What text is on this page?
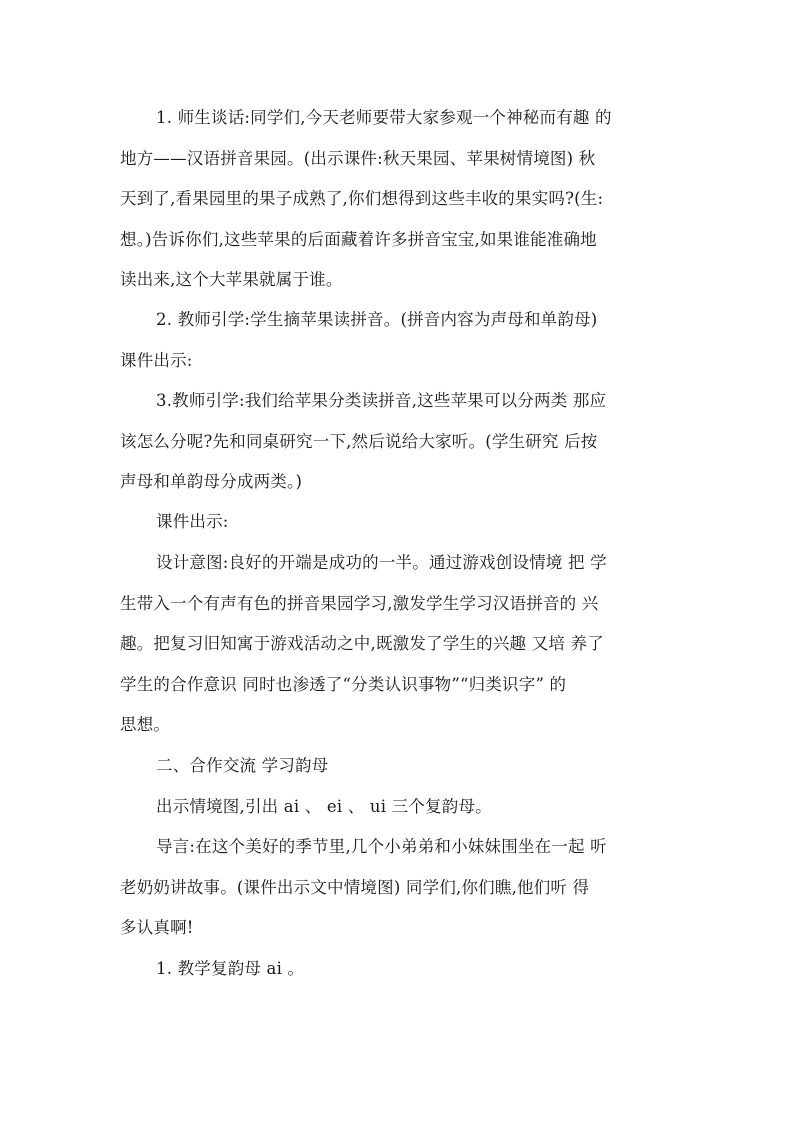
1. 师生谈话:同学们,今天老师要带大家参观一个神秘而有趣 的
地方——汉语拼音果园。(出示课件:秋天果园、苹果树情境图) 秋
天到了,看果园里的果子成熟了,你们想得到这些丰收的果实吗?(生:
想。)告诉你们,这些苹果的后面藏着许多拼音宝宝,如果谁能准确地
读出来,这个大苹果就属于谁。
2. 教师引学:学生摘苹果读拼音。(拼音内容为声母和单韵母)
课件出示:
3.教师引学:我们给苹果分类读拼音,这些苹果可以分两类 那应
该怎么分呢?先和同桌研究一下,然后说给大家听。(学生研究 后按
声母和单韵母分成两类。)
课件出示:
设计意图:良好的开端是成功的一半。通过游戏创设情境 把 学
生带入一个有声有色的拼音果园学习,激发学生学习汉语拼音的 兴
趣。把复习旧知寓于游戏活动之中,既激发了学生的兴趣 又培 养了
学生的合作意识 同时也渗透了“分类认识事物”“归类识字” 的
思想。
二、合作交流 学习韵母
出示情境图,引出 ai 、 ei 、 ui 三个复韵母。
导言:在这个美好的季节里,几个小弟弟和小妹妹围坐在一起 听
老奶奶讲故事。(课件出示文中情境图) 同学们,你们瞧,他们听 得
多认真啊!
1. 教学复韵母 ai 。
